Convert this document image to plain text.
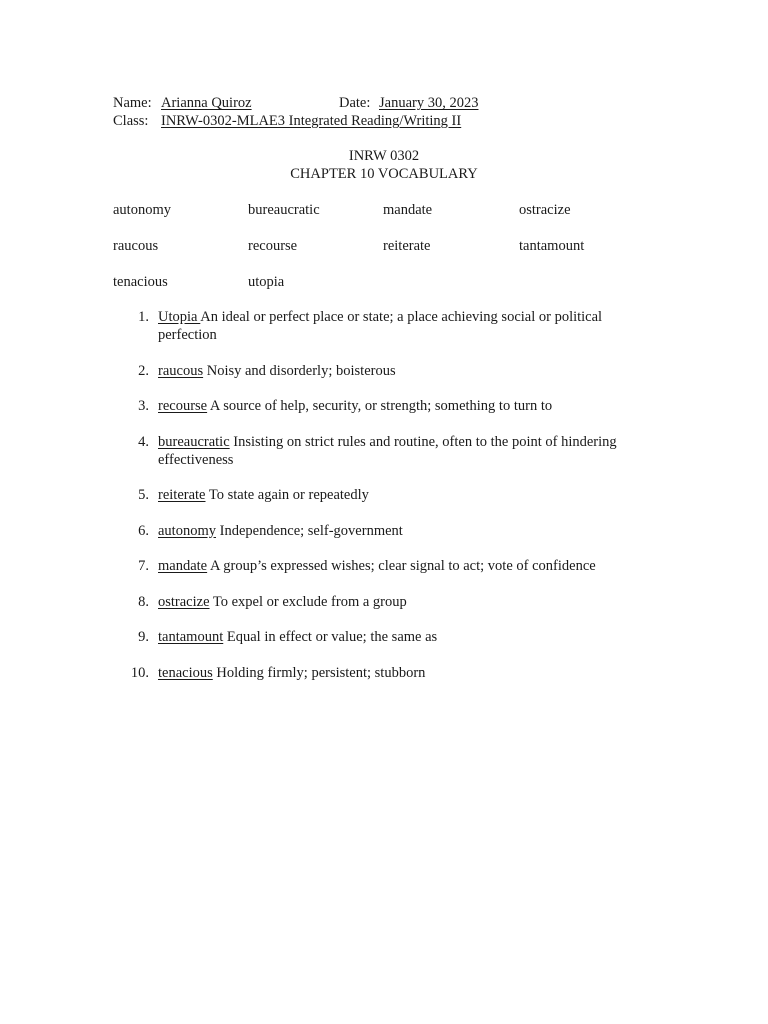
Name: Arianna Quiroz	Date: January 30, 2023
Class: INRW-0302-MLAE3 Integrated Reading/Writing II
INRW 0302
CHAPTER 10 VOCABULARY
autonomy	bureaucratic	mandate	ostracize
raucous	recourse	reiterate	tantamount
tenacious	utopia
1. Utopia An ideal or perfect place or state; a place achieving social or political perfection
2. raucous Noisy and disorderly; boisterous
3. recourse A source of help, security, or strength; something to turn to
4. bureaucratic Insisting on strict rules and routine, often to the point of hindering effectiveness
5. reiterate To state again or repeatedly
6. autonomy Independence; self-government
7. mandate A group’s expressed wishes; clear signal to act; vote of confidence
8. ostracize To expel or exclude from a group
9. tantamount Equal in effect or value; the same as
10. tenacious Holding firmly; persistent; stubborn
